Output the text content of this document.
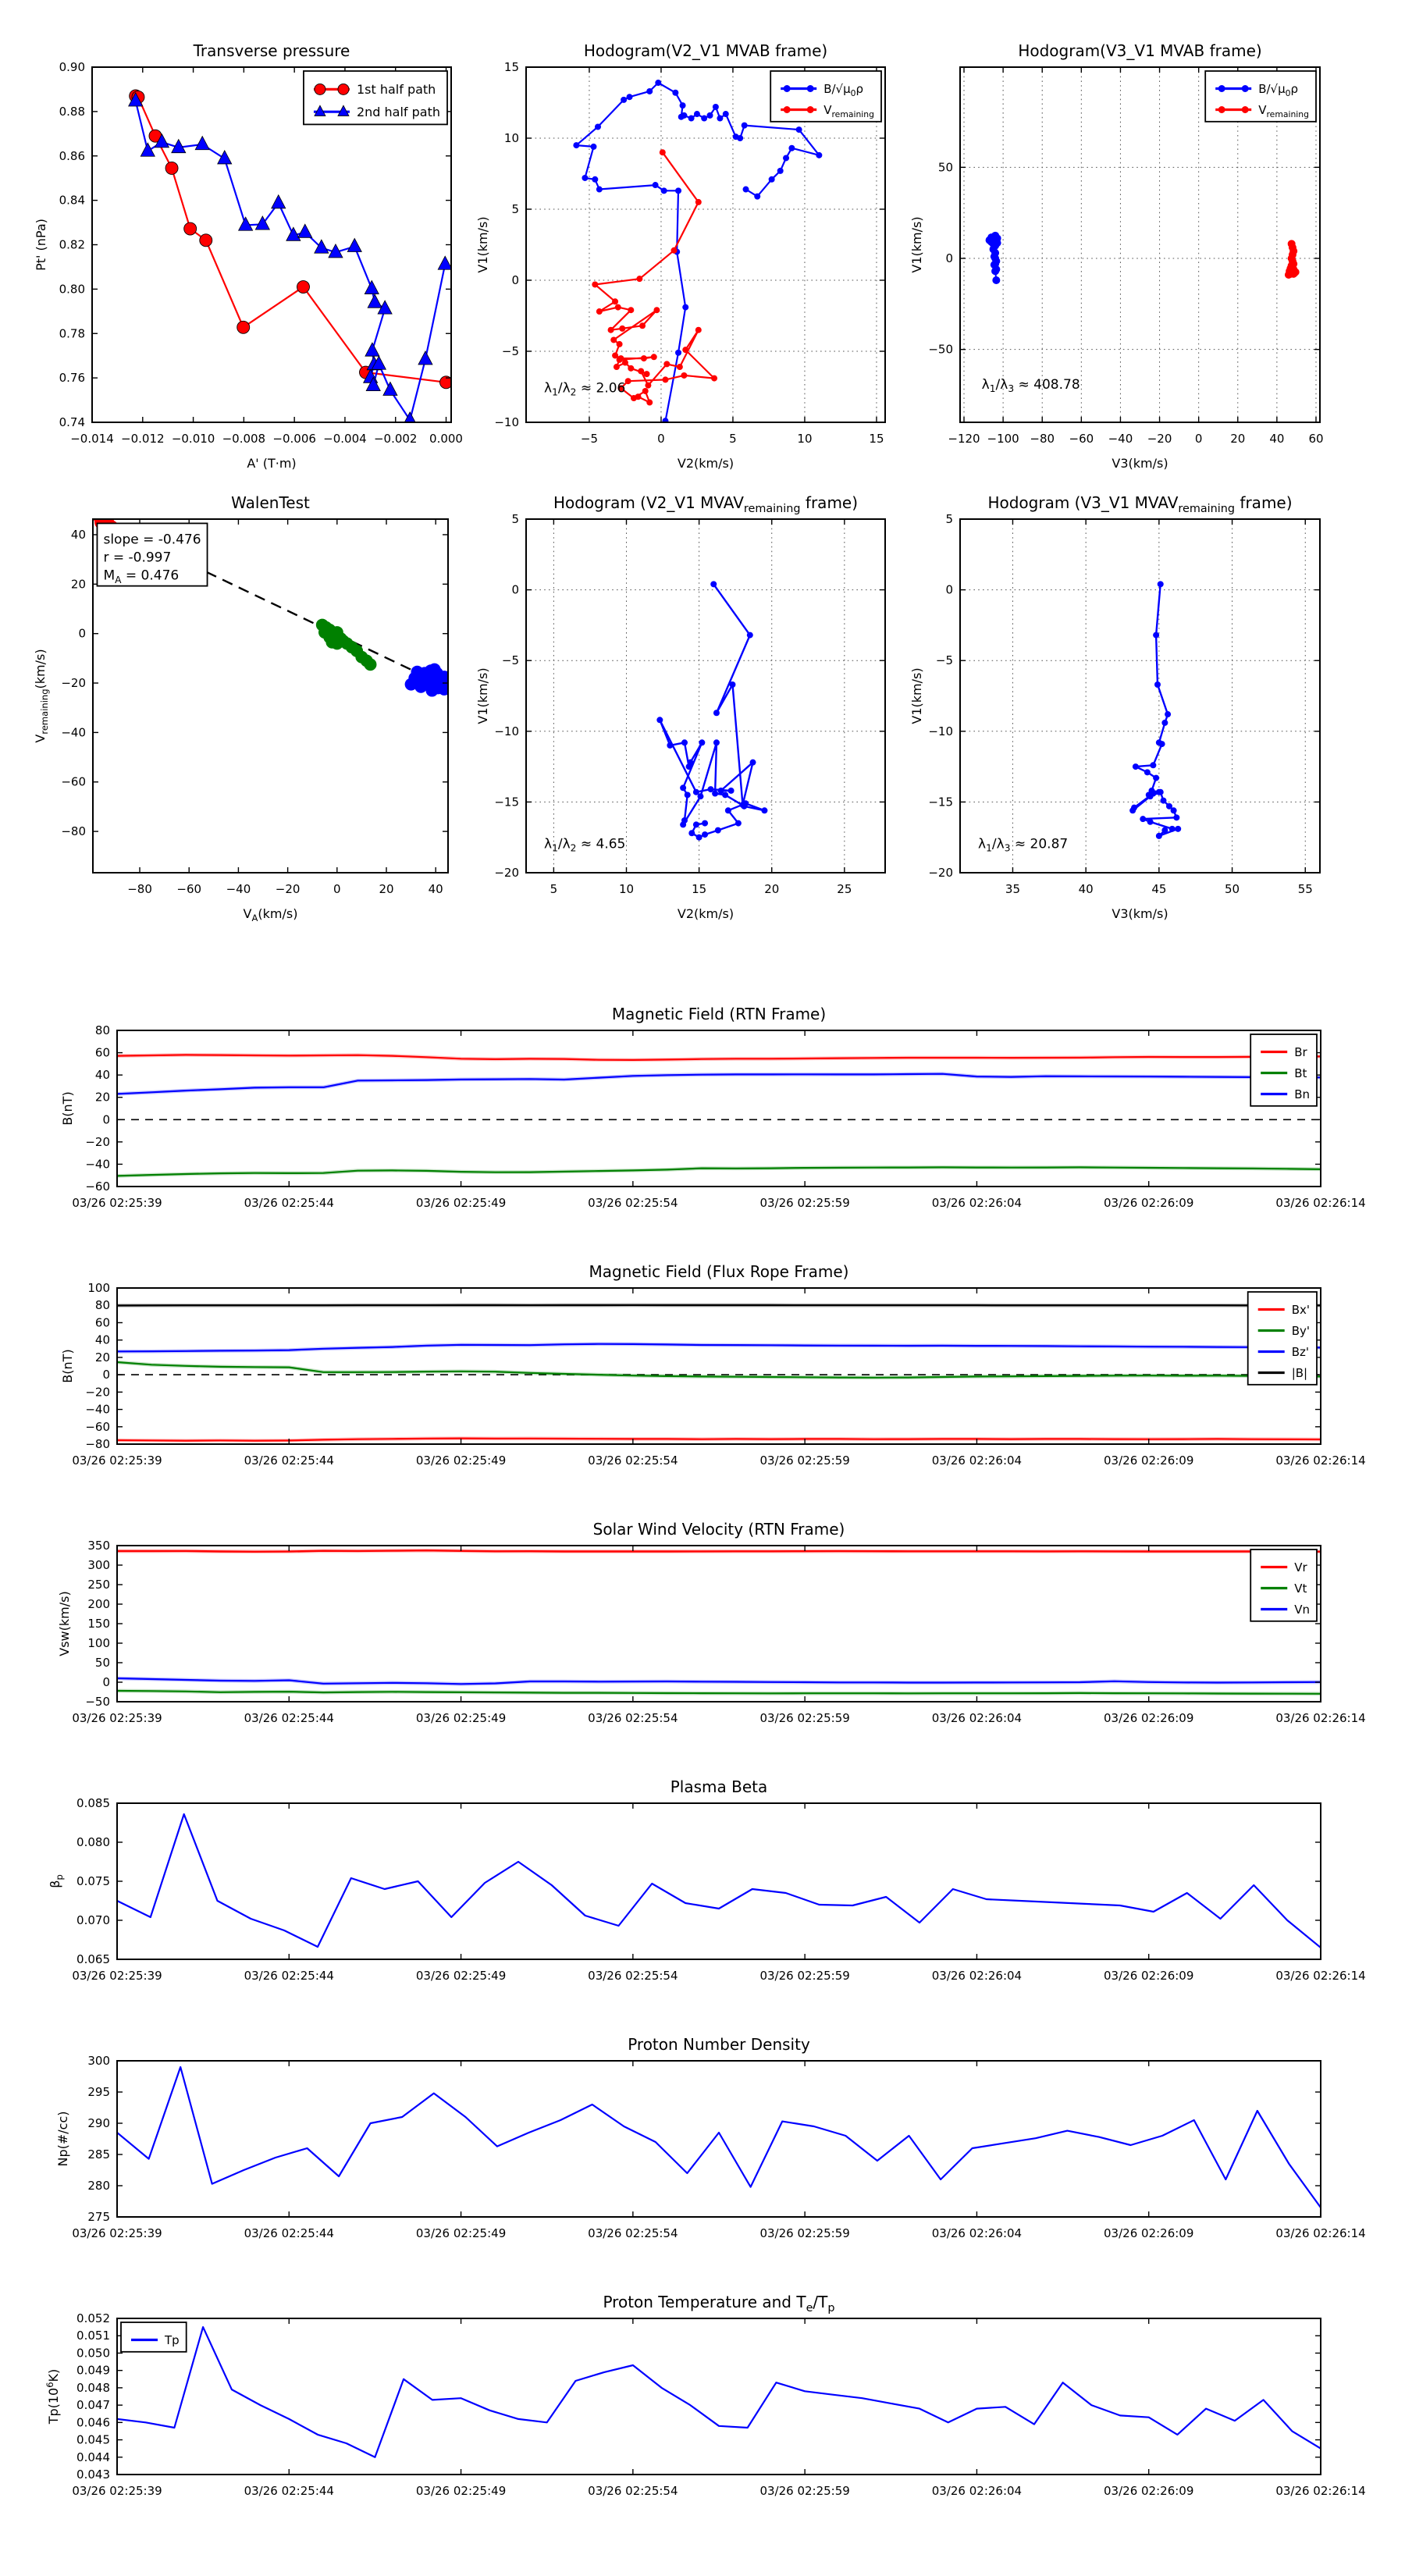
−0.014 −0.012 −0.010 −0.008 −0.006 −0.004 −0.002 0.000
0.74
0.76
0.78
0.80
0.82
0.84
0.86
0.88
0.90
Transverse pressure
A' (T·m)
Pt' (nPa)
1st half path
2nd half path
−5	0	5	10	15
−10
−5
0
5
10
15
Hodogram(V2_V1 MVAB frame)
V2(km/s)
V1(km/s)
$B/√\mu_0\rho$
$V_{remaining}$
$\lambda_1/\lambda_2 \approx 2.06$
−120 −100 −80 −60 −40 −20 0 20 40 60
−50
0
50
Hodogram(V3_V1 MVAB frame)
V3(km/s)
V1(km/s)
$B/√\mu_0\rho$
$V_{remaining}$
$\lambda_1/\lambda_3 \approx 408.78$
−80 −60 −40 −20	0	20	40
−80
−60
−40
−20
0
20
40
WalenTest
$V_A(km/s)$
$V_{remaining}(km/s)$
slope = -0.476
r = -0.997
$M_A = 0.476$
5	10	15	20	25
−20
−15
−10
−5
0
5
Hodogram (V2_V1 $MVAV_{remaining}$ frame)
V2(km/s)
V1(km/s)
$\lambda_1/\lambda_2 \approx 4.65$
35	40	45	50	55
−20
−15
−10
−5
0
5
Hodogram (V3_V1 $MVAV_{remaining}$ frame)
V3(km/s)
V1(km/s)
$\lambda_1/\lambda_3 \approx 20.87$
03/26 02:25:39	03/26 02:25:44	03/26 02:25:49	03/26 02:25:54	03/26 02:25:59	03/26 02:26:04	03/26 02:26:09	03/26 02:26:14
−60
−40
−20
0
20
40
60
80
Magnetic Field (RTN Frame)
B(nT)
Br
Bt
Bn
03/26 02:25:39	03/26 02:25:44	03/26 02:25:49	03/26 02:25:54	03/26 02:25:59	03/26 02:26:04	03/26 02:26:09	03/26 02:26:14
−80
−60
−40
−20
0
20
40
60
80
100
Magnetic Field (Flux Rope Frame)
B(nT)
Bx'
By'
Bz'
|B|
03/26 02:25:39	03/26 02:25:44	03/26 02:25:49	03/26 02:25:54	03/26 02:25:59	03/26 02:26:04	03/26 02:26:09	03/26 02:26:14
−50
0
50
100
150
200
250
300
350
Solar Wind Velocity (RTN Frame)
Vsw(km/s)
Vr
Vt
Vn
03/26 02:25:39	03/26 02:25:44	03/26 02:25:49	03/26 02:25:54	03/26 02:25:59	03/26 02:26:04	03/26 02:26:09	03/26 02:26:14
0.065
0.070
0.075
0.080
0.085
Plasma Beta
$\beta_p$
03/26 02:25:39	03/26 02:25:44	03/26 02:25:49	03/26 02:25:54	03/26 02:25:59	03/26 02:26:04	03/26 02:26:09	03/26 02:26:14
275
280
285
290
295
300
Proton Number Density
Np(#/cc)
03/26 02:25:39	03/26 02:25:44	03/26 02:25:49	03/26 02:25:54	03/26 02:25:59	03/26 02:26:04	03/26 02:26:09	03/26 02:26:14
0.043
0.044
0.045
0.046
0.047
0.048
0.049
0.050
0.051
0.052
Proton Temperature and $T_e/T_p$
$Tp(10^6K)$
Tp
